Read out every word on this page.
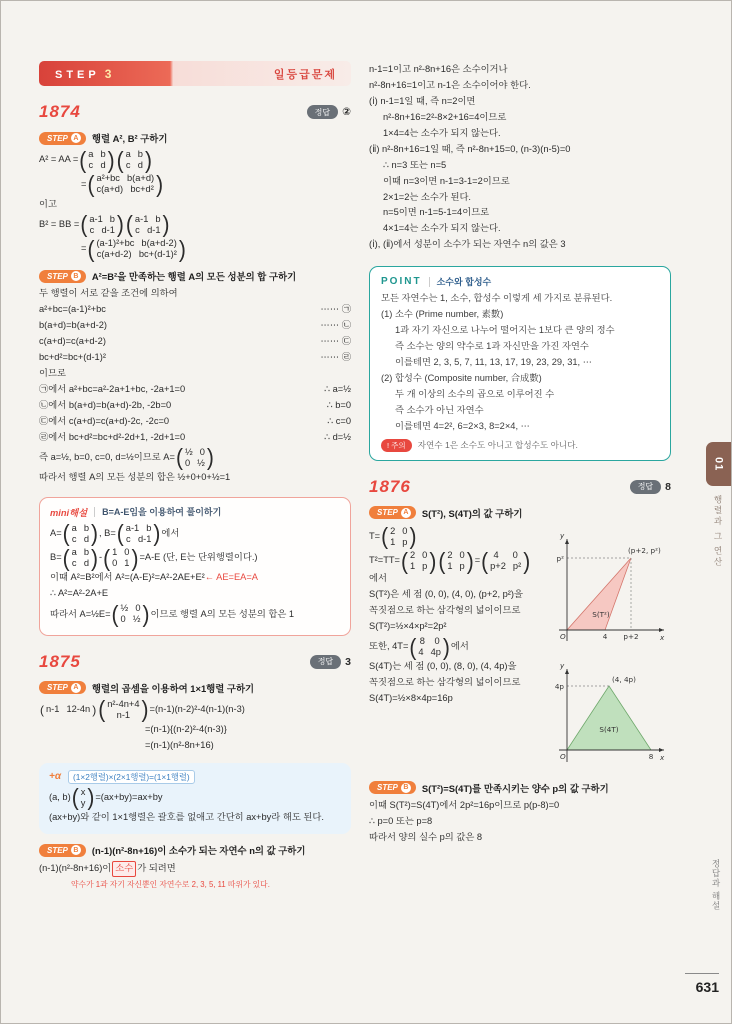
STEP 3	일등급문제
1874	정답	②
STEP A 행렬 A², B² 구하기
A² = AA = ( a b
c d ) ( a b
c d )
= ( a²+bc b(a+d)
c(a+d) bc+d² )
이고
B² = BB = ( a-1 b
c d-1 ) ( a-1 b
c d-1 )
= ( (a-1)²+bc b(a+d-2)
c(a+d-2) bc+(d-1)² )
STEP B A²=B²을 만족하는 행렬 A의 모든 성분의 합 구하기
두 행렬이 서로 같을 조건에 의하여
a²+bc=(a-1)²+bc	⋯⋯ ㉠
b(a+d)=b(a+d-2)	⋯⋯ ㉡
c(a+d)=c(a+d-2)	⋯⋯ ㉢
bc+d²=bc+(d-1)²	⋯⋯ ㉣
이므로
㉠에서 a²+bc=a²-2a+1+bc, -2a+1=0	∴ a=½
㉡에서 b(a+d)=b(a+d)-2b, -2b=0	∴ b=0
㉢에서 c(a+d)=c(a+d)-2c, -2c=0	∴ c=0
㉣에서 bc+d²=bc+d²-2d+1, -2d+1=0	∴ d=½
즉 a=½, b=0, c=0, d=½이므로 A= ( ½ 0
0 ½ )
따라서 행렬 A의 모든 성분의 합은 ½+0+0+½=1
mini해설 B=A-E임을 이용하여 풀이하기
A= ( a b
c d ) , B= ( a-1 b
c d-1 ) 에서
B= ( a b
c d ) - ( 1 0
0 1 ) =A-E (단, E는 단위행렬이다.)
이때 A²=B²에서 A²=(A-E)²=A²-2AE+E² ← AE=EA=A
∴ A²=A²-2A+E
따라서 A=½E= ( ½ 0
0 ½ ) 이므로 행렬 A의 모든 성분의 합은 1
1875	정답	3
STEP A 행렬의 곱셈을 이용하여 1×1행렬 구하기
( n-1 12-4n ) ( n²-4n+4
n-1 ) =(n-1)(n-2)²-4(n-1)(n-3)
=(n-1){(n-2)²-4(n-3)}
=(n-1)(n²-8n+16)
+α	(1×2행렬)×(2×1행렬)=(1×1행렬)
(a, b) ( x
y ) =(ax+by)=ax+by
(ax+by)와 같이 1×1행렬은 괄호를 없애고 간단히 ax+by라 해도 된다.
STEP B (n-1)(n²-8n+16)이 소수가 되는 자연수 n의 값 구하기
(n-1)(n²-8n+16)이 소수 가 되려면
약수가 1과 자기 자신뿐인 자연수로 2, 3, 5, 11 따위가 있다.
n-1=1이고 n²-8n+16은 소수이거나
n²-8n+16=1이고 n-1은 소수이어야 한다.
(ⅰ) n-1=1일 때, 즉 n=2이면
n²-8n+16=2²-8×2+16=4이므로
1×4=4는 소수가 되지 않는다.
(ⅱ) n²-8n+16=1일 때, 즉 n²-8n+15=0, (n-3)(n-5)=0
∴ n=3 또는 n=5
이때 n=3이면 n-1=3-1=2이므로
2×1=2는 소수가 된다.
n=5이면 n-1=5-1=4이므로
4×1=4는 소수가 되지 않는다.
(ⅰ), (ⅱ)에서 성분이 소수가 되는 자연수 n의 값은 3
POINT 소수와 합성수
모든 자연수는 1, 소수, 합성수 이렇게 세 가지로 분류된다.
(1) 소수 (Prime number, 素數)
1과 자기 자신으로 나누어 떨어지는 1보다 큰 양의 정수
즉 소수는 양의 약수로 1과 자신만을 가진 자연수
이를테면 2, 3, 5, 7, 11, 13, 17, 19, 23, 29, 31, ⋯
(2) 합성수 (Composite number, 合成數)
두 개 이상의 소수의 곱으로 이루어진 수
즉 소수가 아닌 자연수
이를테면 4=2², 6=2×3, 8=2×4, ⋯
! 주의	자연수 1은 소수도 아니고 합성수도 아니다.
1876	정답	8
STEP A S(T²), S(4T)의 값 구하기
T= ( 2 0
1 p )
T²=TT= ( 2 0
1 p ) ( 2 0
1 p ) = ( 4	0
p+2 p² )
에서
S(T²)은 세 점 (0, 0), (4, 0), (p+2, p²)을
꼭짓점으로 하는 삼각형의 넓이이므로
S(T²)=½×4×p²=2p²
또한, 4T= ( 8 0
4 4p ) 에서
S(4T)는 세 점 (0, 0), (8, 0), (4, 4p)을
꼭짓점으로 하는 삼각형의 넓이이므로
S(4T)=½×8×4p=16p
y
p²
(p+2, p²)
S(T²)
O	4 p+2	x
y
4p
(4, 4p)
S(4T)
O	8 x
STEP B S(T²)=S(4T)를 만족시키는 양수 p의 값 구하기
이때 S(T²)=S(4T)에서 2p²=16p이므로 p(p-8)=0
∴ p=0 또는 p=8
따라서 양의 실수 p의 값은 8
01
행렬과 그 연산
정답과 해설
631
